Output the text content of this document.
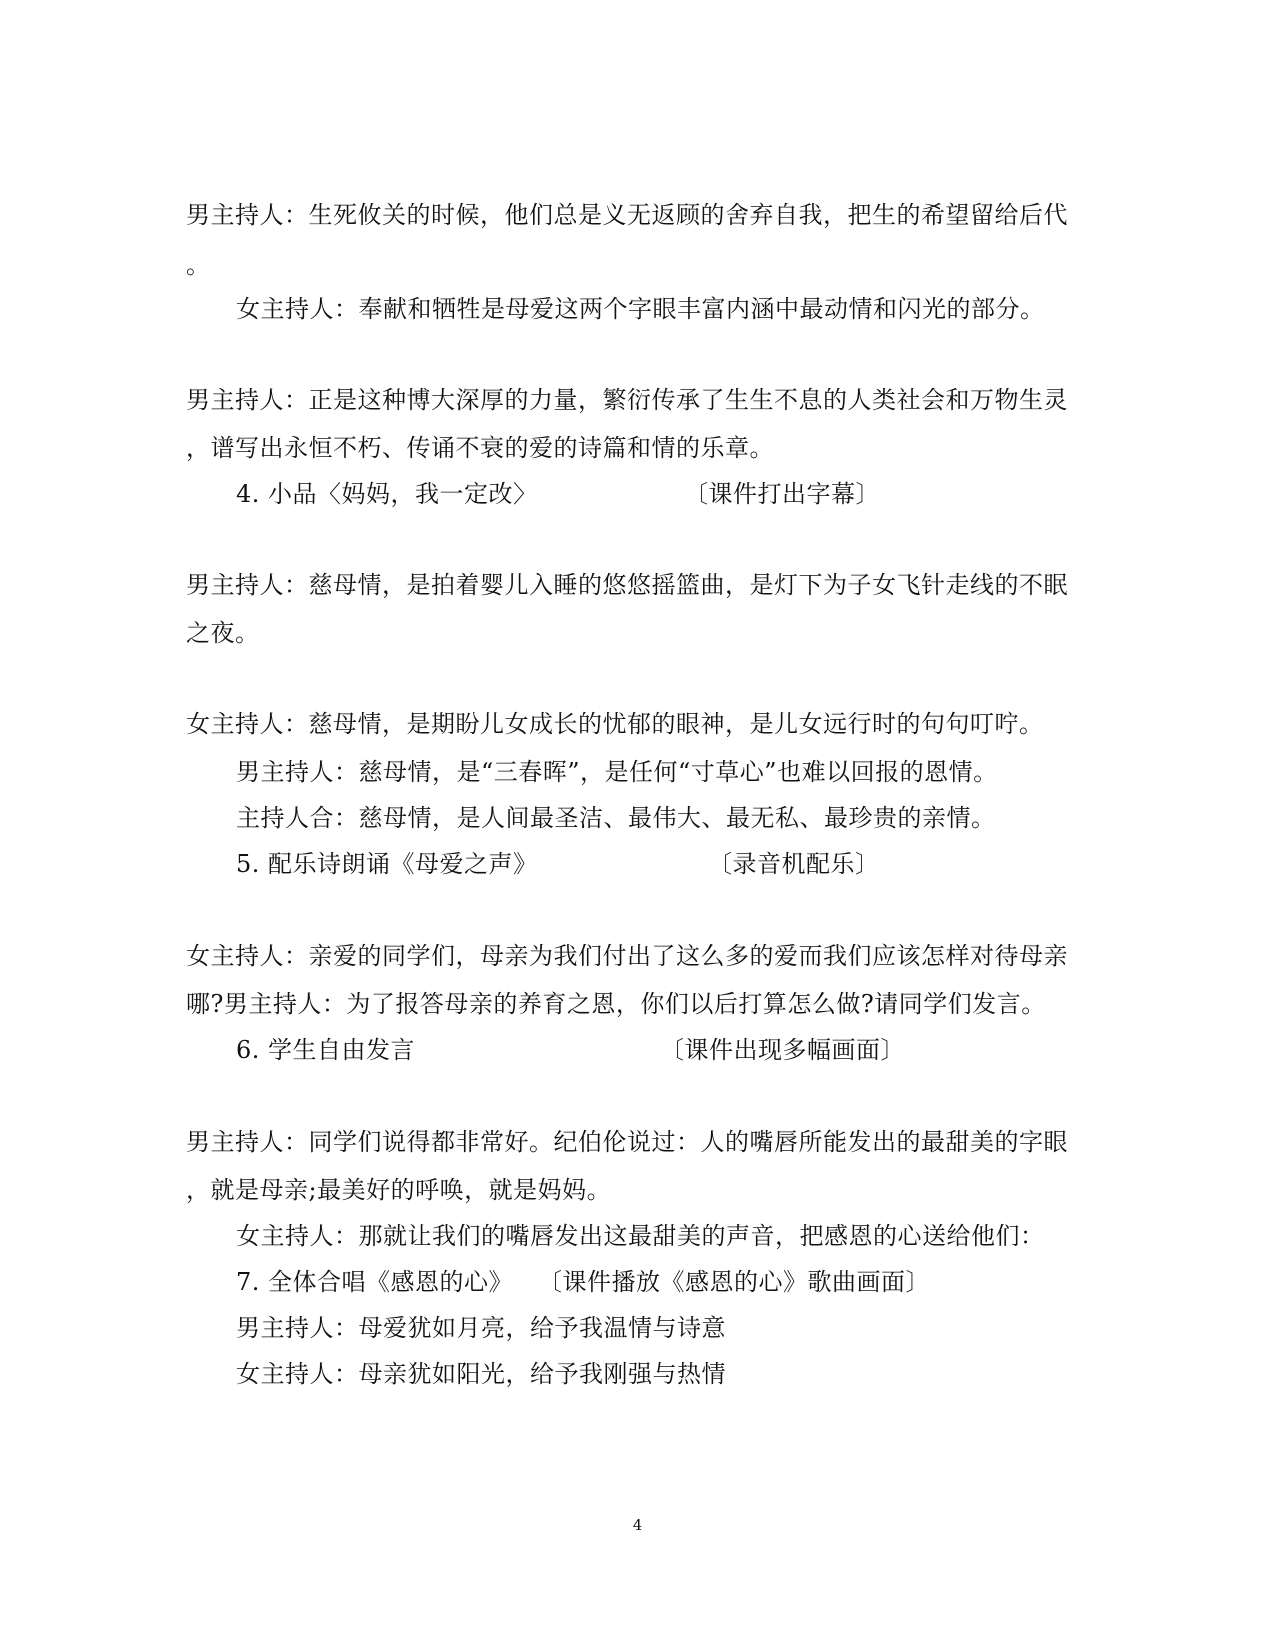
男主持人：生死攸关的时候，他们总是义无返顾的舍弃自我，把生的希望留给后代
。
女主持人：奉献和牺牲是母爱这两个字眼丰富内涵中最动情和闪光的部分。
男主持人：正是这种博大深厚的力量，繁衍传承了生生不息的人类社会和万物生灵
，谱写出永恒不朽、传诵不衰的爱的诗篇和情的乐章。
4. 小品〈妈妈，我一定改〉	〔课件打出字幕〕
男主持人：慈母情，是拍着婴儿入睡的悠悠摇篮曲，是灯下为子女飞针走线的不眠
之夜。
女主持人：慈母情，是期盼儿女成长的忧郁的眼神，是儿女远行时的句句叮咛。
男主持人：慈母情，是“三春晖”，是任何“寸草心”也难以回报的恩情。
主持人合：慈母情，是人间最圣洁、最伟大、最无私、最珍贵的亲情。
5. 配乐诗朗诵《母爱之声》	〔录音机配乐〕
女主持人：亲爱的同学们，母亲为我们付出了这么多的爱而我们应该怎样对待母亲
哪?男主持人：为了报答母亲的养育之恩，你们以后打算怎么做?请同学们发言。
6. 学生自由发言	〔课件出现多幅画面〕
男主持人：同学们说得都非常好。纪伯伦说过：人的嘴唇所能发出的最甜美的字眼
，就是母亲;最美好的呼唤，就是妈妈。
女主持人：那就让我们的嘴唇发出这最甜美的声音，把感恩的心送给他们：
7. 全体合唱《感恩的心》 〔课件播放《感恩的心》歌曲画面〕
男主持人：母爱犹如月亮，给予我温情与诗意
女主持人：母亲犹如阳光，给予我刚强与热情
4
